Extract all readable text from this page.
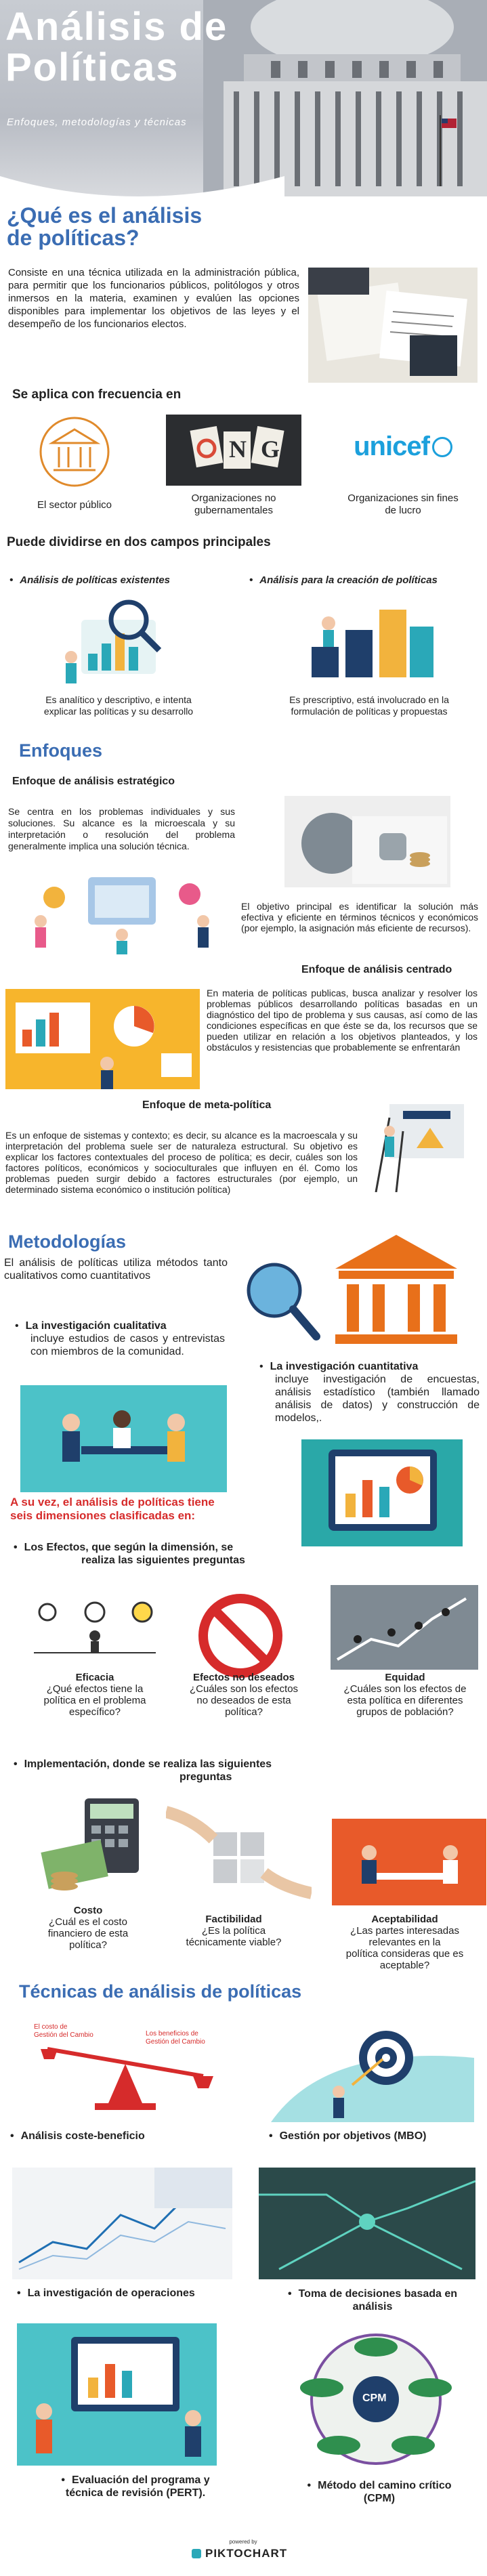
Análisis de
Políticas
Enfoques, metodologías y técnicas
¿Qué es el análisis
de políticas?
Consiste en una técnica utilizada en la administración pública, para permitir que los funcionarios públicos, politólogos y otros inmersos en la materia, examinen y evalúen las opciones disponibles para implementar los objetivos de las leyes y el desempeño de los funcionarios electos.
Se aplica con frecuencia en
El sector público
N G
Organizaciones no
gubernamentales
unicef
Organizaciones sin fines
de lucro
Puede dividirse en dos campos principales
• Análisis de políticas existentes •	Análisis para la creación de políticas
Es analítico y descriptivo, e intenta
explicar las políticas y su desarrollo
Es prescriptivo, está involucrado en la
formulación de políticas y propuestas
Enfoques
Enfoque de análisis estratégico
Se centra en los problemas individuales y sus soluciones. Su alcance es la microescala y su interpretación o resolución del problema generalmente implica una solución técnica.
El objetivo principal es identificar la solución más efectiva y eficiente en términos técnicos y económicos (por ejemplo, la asignación más eficiente de recursos).
Enfoque de análisis centrado
En materia de políticas publicas, busca analizar y resolver los problemas públicos desarrollando políticas basadas en un diagnóstico del tipo de problema y sus causas, así como de las condiciones específicas en que éste se da, los recursos que se pueden utilizar en relación a los objetivos planteados, y los obstáculos y resistencias que probablemente se enfrentarán
Enfoque de meta-política
Es un enfoque de sistemas y contexto; es decir, su alcance es la macroescala y su interpretación del problema suele ser de naturaleza estructural. Su objetivo es explicar los factores contextuales del proceso de política; es decir, cuáles son los factores políticos, económicos y socioculturales que influyen en él. Como los problemas pueden surgir debido a factores estructurales (por ejemplo, un determinado sistema económico o institución política)
Metodologías
El análisis de políticas utiliza métodos tanto cualitativos como cuantitativos
• La investigación cualitativa
incluye estudios de casos y entrevistas con miembros de la comunidad.
• La investigación cuantitativa
incluye investigación de encuestas, análisis estadístico (también llamado análisis de datos) y construcción de modelos,.
A su vez, el análisis de políticas tiene
seis dimensiones clasificadas en:
• Los Efectos, que según la dimensión, se
realiza las siguientes preguntas
Eficacia
¿Qué efectos tiene la
política en el problema
específico?
Efectos no deseados
¿Cuáles son los efectos
no deseados de esta
política?
Equidad
¿Cuáles son los efectos de
esta política en diferentes
grupos de población?
• Implementación, donde se realiza las siguientes
preguntas
Costo
¿Cuál es el costo
financiero de esta
política?
Factibilidad
¿Es la política
técnicamente viable?
Aceptabilidad
¿Las partes interesadas
relevantes en la
política consideras que es
aceptable?
Técnicas de análisis de políticas
El costo de
Gestión del Cambio	Los beneficios de
Gestión del Cambio
• Análisis coste-beneficio •	Gestión por objetivos (MBO)
• La investigación de operaciones •	Toma de decisiones basada en
análisis
CPM
• Evaluación del programa y
técnica de revisión (PERT).
• Método del camino crítico
(CPM)
powered by
PIKTOCHART
